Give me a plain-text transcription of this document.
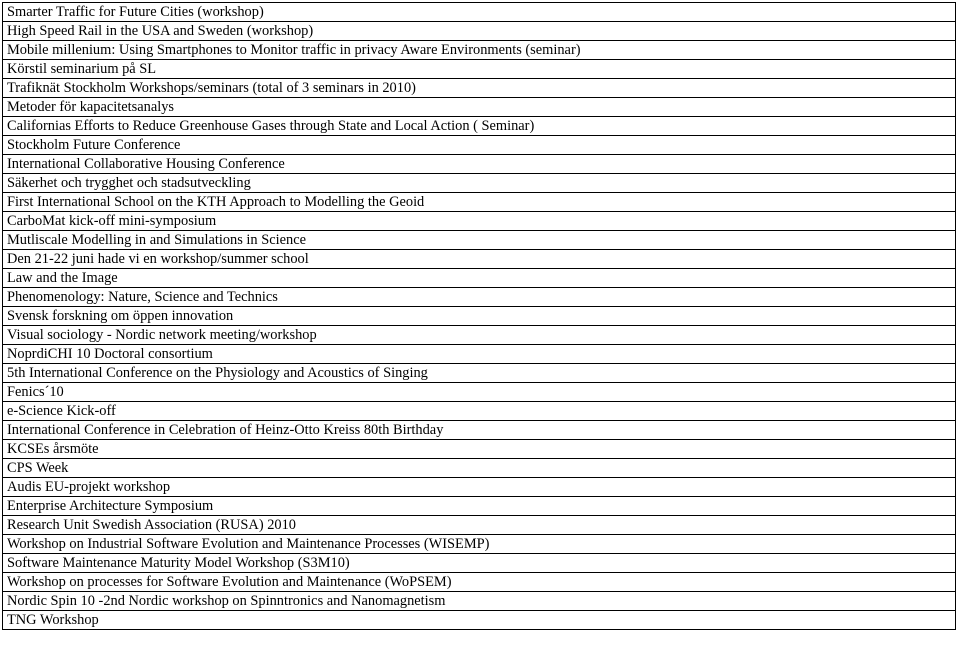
Smarter Traffic for Future Cities (workshop)
High Speed Rail in the USA and Sweden (workshop)
Mobile millenium: Using Smartphones to Monitor traffic in privacy Aware Environments (seminar)
Körstil seminarium på SL
Trafiknät Stockholm Workshops/seminars (total of 3 seminars in 2010)
Metoder för kapacitetsanalys
Californias Efforts to Reduce Greenhouse Gases through State and Local Action ( Seminar)
Stockholm Future Conference
International Collaborative Housing Conference
Säkerhet och trygghet och stadsutveckling
First International School on the KTH Approach to Modelling the Geoid
CarboMat kick-off mini-symposium
Mutliscale Modelling in and Simulations in Science
Den 21-22 juni hade vi en workshop/summer school
Law and the Image
Phenomenology: Nature, Science and Technics
Svensk forskning om öppen innovation
Visual sociology - Nordic network meeting/workshop
NoprdiCHI 10 Doctoral consortium
5th International Conference on the Physiology and Acoustics of Singing
Fenics´10
e-Science Kick-off
International Conference in Celebration of Heinz-Otto Kreiss 80th Birthday
KCSEs årsmöte
CPS Week
Audis EU-projekt workshop
Enterprise Architecture Symposium
Research Unit Swedish Association (RUSA) 2010
Workshop on Industrial Software Evolution and Maintenance Processes (WISEMP)
Software Maintenance Maturity Model Workshop (S3M10)
Workshop on processes for Software Evolution and Maintenance (WoPSEM)
Nordic Spin 10 -2nd Nordic workshop on Spinntronics and Nanomagnetism
TNG Workshop
